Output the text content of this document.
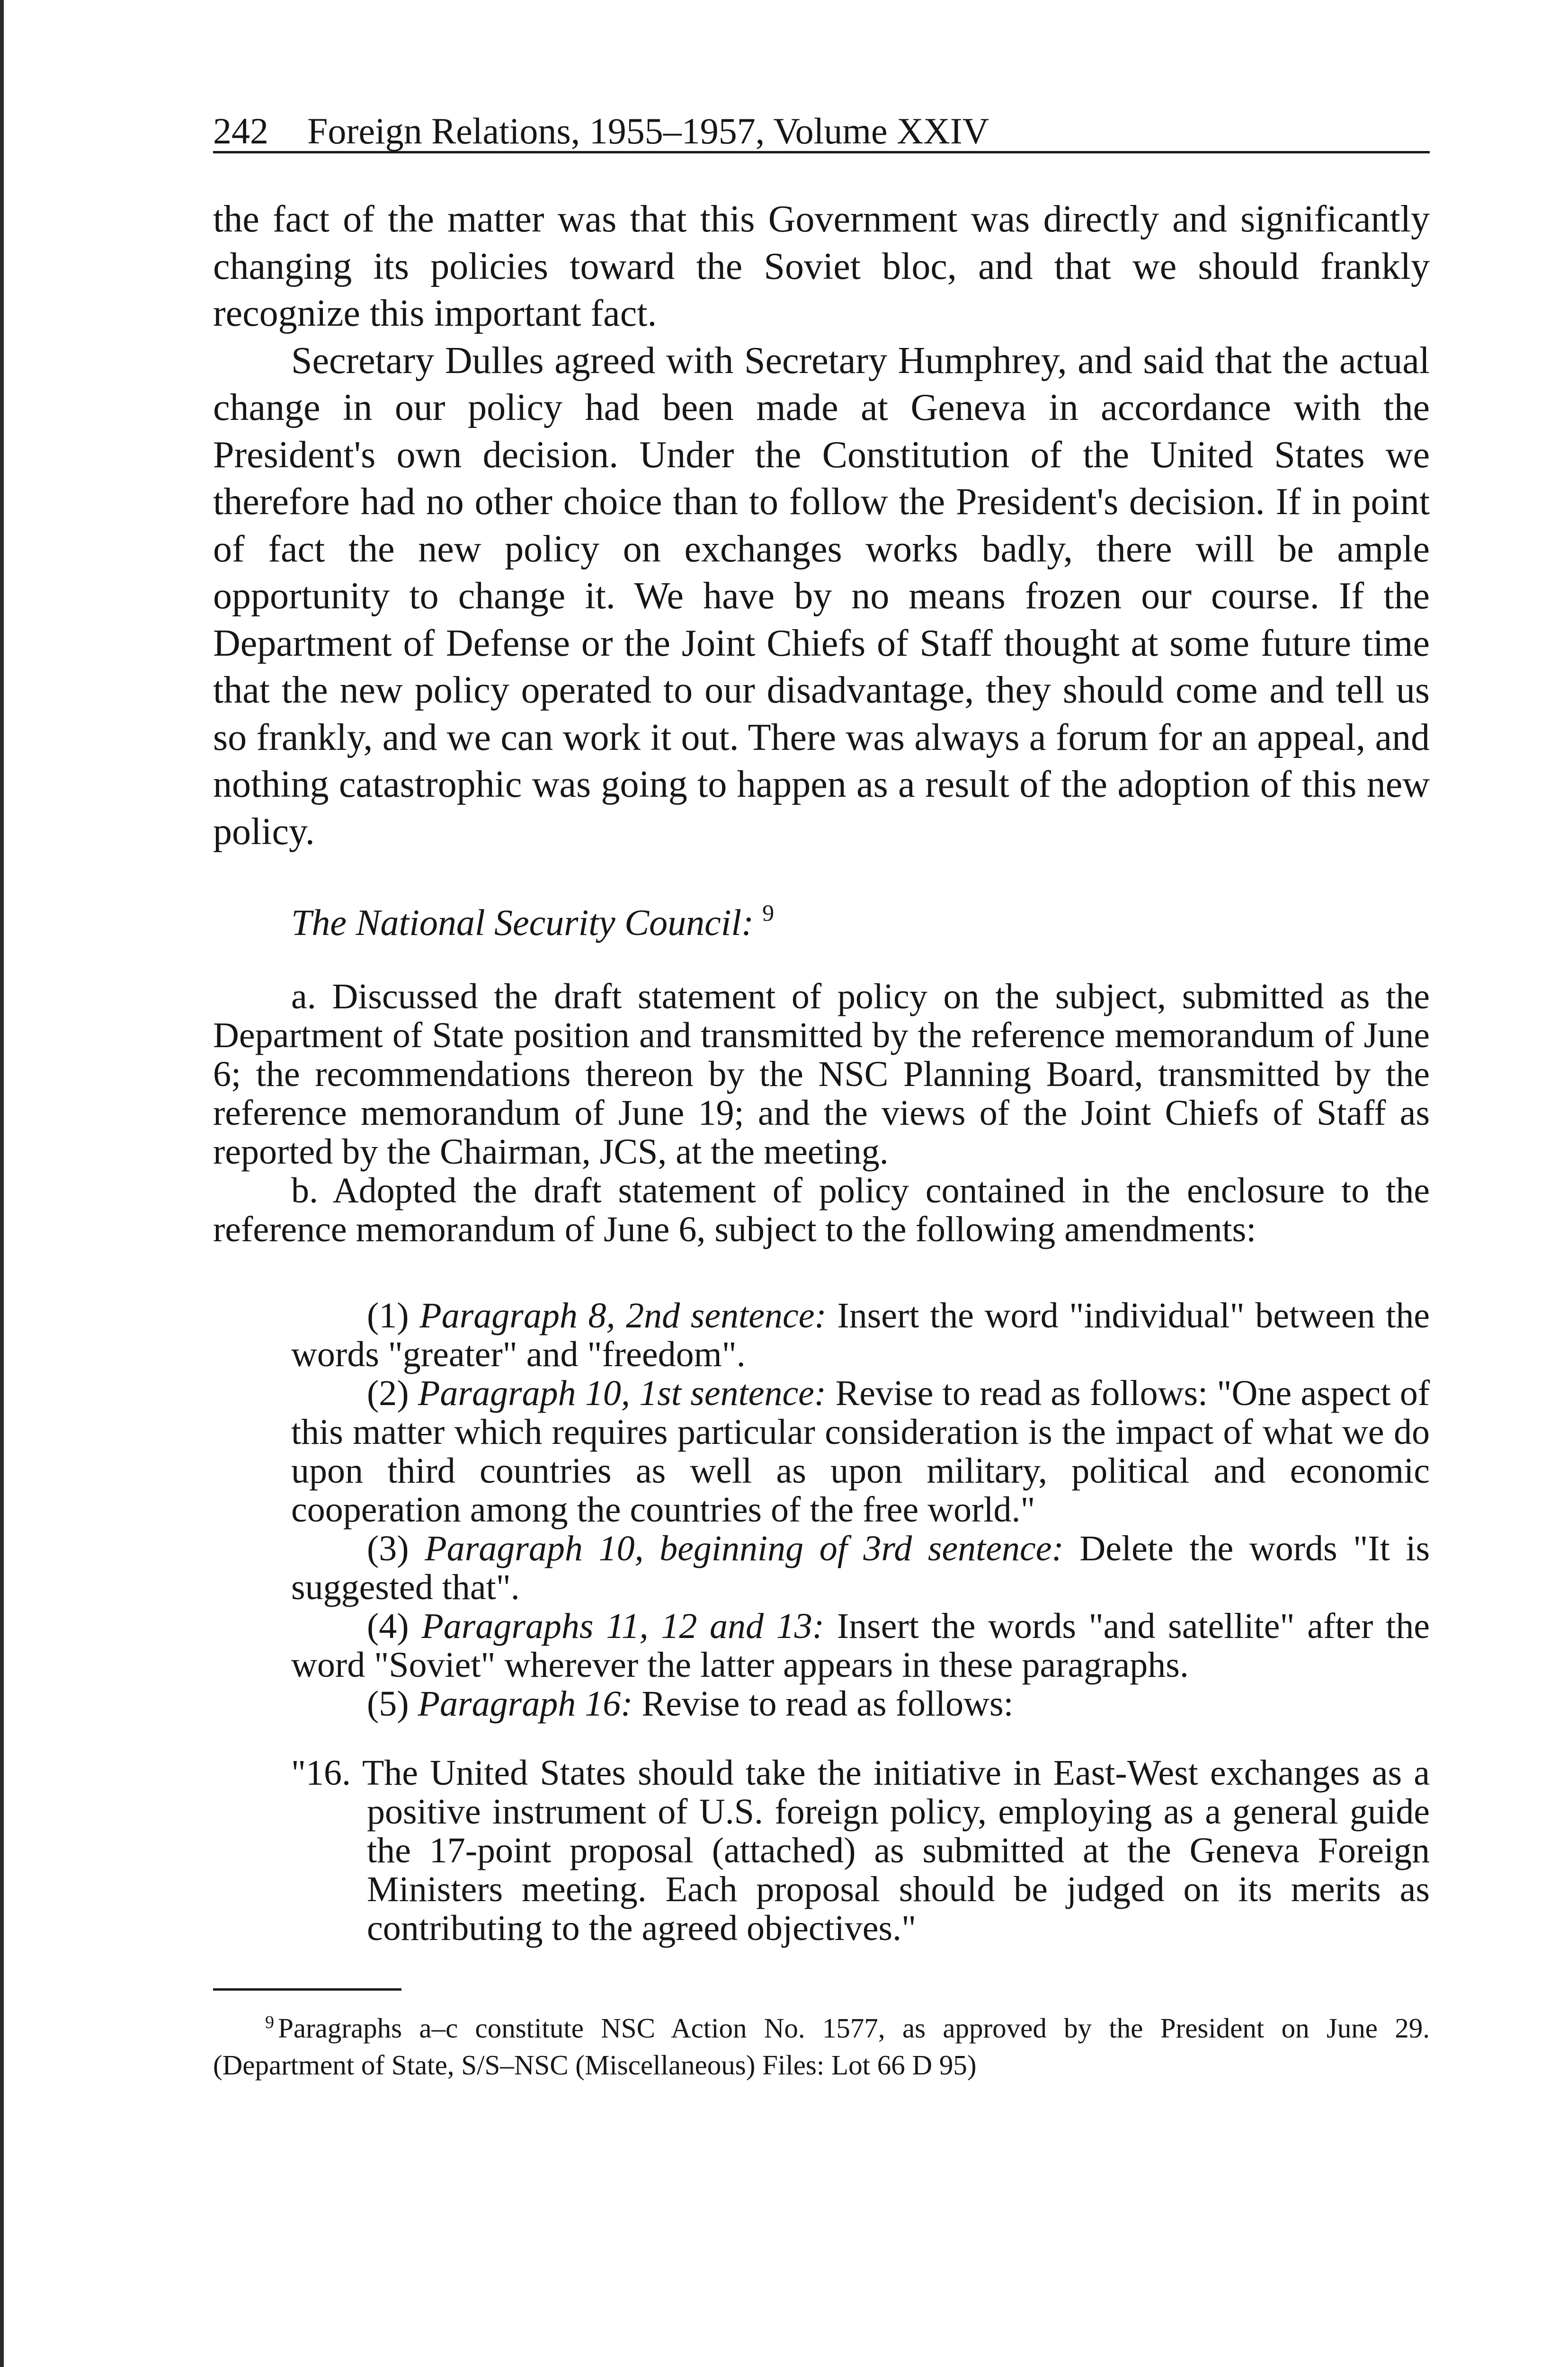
242 Foreign Relations, 1955–1957, Volume XXIV

the fact of the matter was that this Government was directly and significantly changing its policies toward the Soviet bloc, and that we should frankly recognize this important fact.

Secretary Dulles agreed with Secretary Humphrey, and said that the actual change in our policy had been made at Geneva in accordance with the President's own decision. Under the Constitution of the United States we therefore had no other choice than to follow the President's decision. If in point of fact the new policy on exchanges works badly, there will be ample opportunity to change it. We have by no means frozen our course. If the Department of Defense or the Joint Chiefs of Staff thought at some future time that the new policy operated to our disadvantage, they should come and tell us so frankly, and we can work it out. There was always a forum for an appeal, and nothing catastrophic was going to happen as a result of the adoption of this new policy.

The National Security Council: $^9$

a. Discussed the draft statement of policy on the subject, submitted as the Department of State position and transmitted by the reference memorandum of June 6; the recommendations thereon by the NSC Planning Board, transmitted by the reference memorandum of June 19; and the views of the Joint Chiefs of Staff as reported by the Chairman, JCS, at the meeting.

b. Adopted the draft statement of policy contained in the enclosure to the reference memorandum of June 6, subject to the following amendments:

(1) Paragraph 8, 2nd sentence: Insert the word "individual" between the words "greater" and "freedom".

(2) Paragraph 10, 1st sentence: Revise to read as follows: "One aspect of this matter which requires particular consideration is the impact of what we do upon third countries as well as upon military, political and economic cooperation among the countries of the free world."

(3) Paragraph 10, beginning of 3rd sentence: Delete the words "It is suggested that".

(4) Paragraphs 11, 12 and 13: Insert the words "and satellite" after the word "Soviet" wherever the latter appears in these paragraphs.

(5) Paragraph 16: Revise to read as follows:

"16. The United States should take the initiative in East-West exchanges as a positive instrument of U.S. foreign policy, employing as a general guide the 17-point proposal (attached) as submitted at the Geneva Foreign Ministers meeting. Each proposal should be judged on its merits as contributing to the agreed objectives."

$^9$ Paragraphs a–c constitute NSC Action No. 1577, as approved by the President on June 29. (Department of State, S/S–NSC (Miscellaneous) Files: Lot 66 D 95)
